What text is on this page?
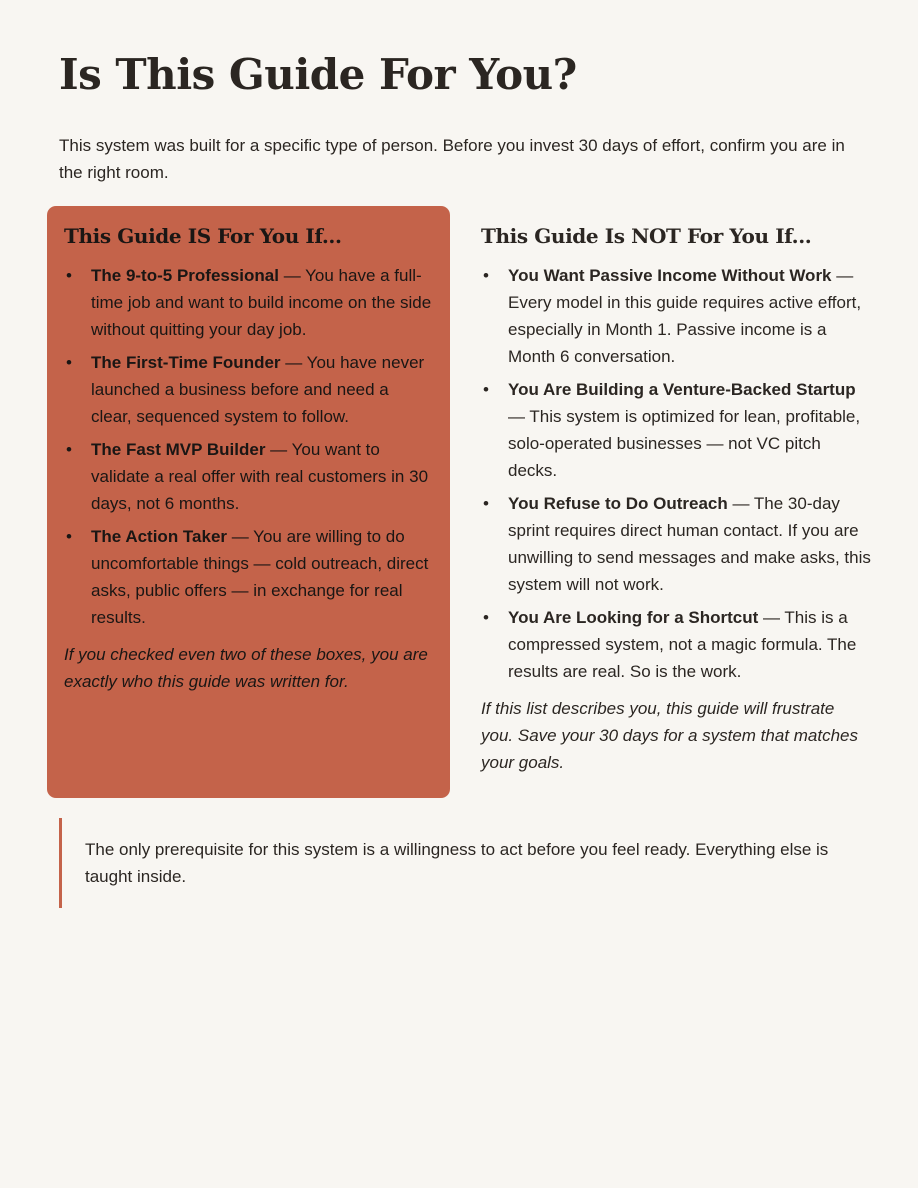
Is This Guide For You?

This system was built for a specific type of person. Before you invest 30 days of effort, confirm you are in the right room.

This Guide IS For You If...
• The 9-to-5 Professional — You have a full-time job and want to build income on the side without quitting your day job.
• The First-Time Founder — You have never launched a business before and need a clear, sequenced system to follow.
• The Fast MVP Builder — You want to validate a real offer with real customers in 30 days, not 6 months.
• The Action Taker — You are willing to do uncomfortable things — cold outreach, direct asks, public offers — in exchange for real results.

If you checked even two of these boxes, you are exactly who this guide was written for.

This Guide Is NOT For You If...
• You Want Passive Income Without Work — Every model in this guide requires active effort, especially in Month 1. Passive income is a Month 6 conversation.
• You Are Building a Venture-Backed Startup — This system is optimized for lean, profitable, solo-operated businesses — not VC pitch decks.
• You Refuse to Do Outreach — The 30-day sprint requires direct human contact. If you are unwilling to send messages and make asks, this system will not work.
• You Are Looking for a Shortcut — This is a compressed system, not a magic formula. The results are real. So is the work.

If this list describes you, this guide will frustrate you. Save your 30 days for a system that matches your goals.

The only prerequisite for this system is a willingness to act before you feel ready. Everything else is taught inside.
